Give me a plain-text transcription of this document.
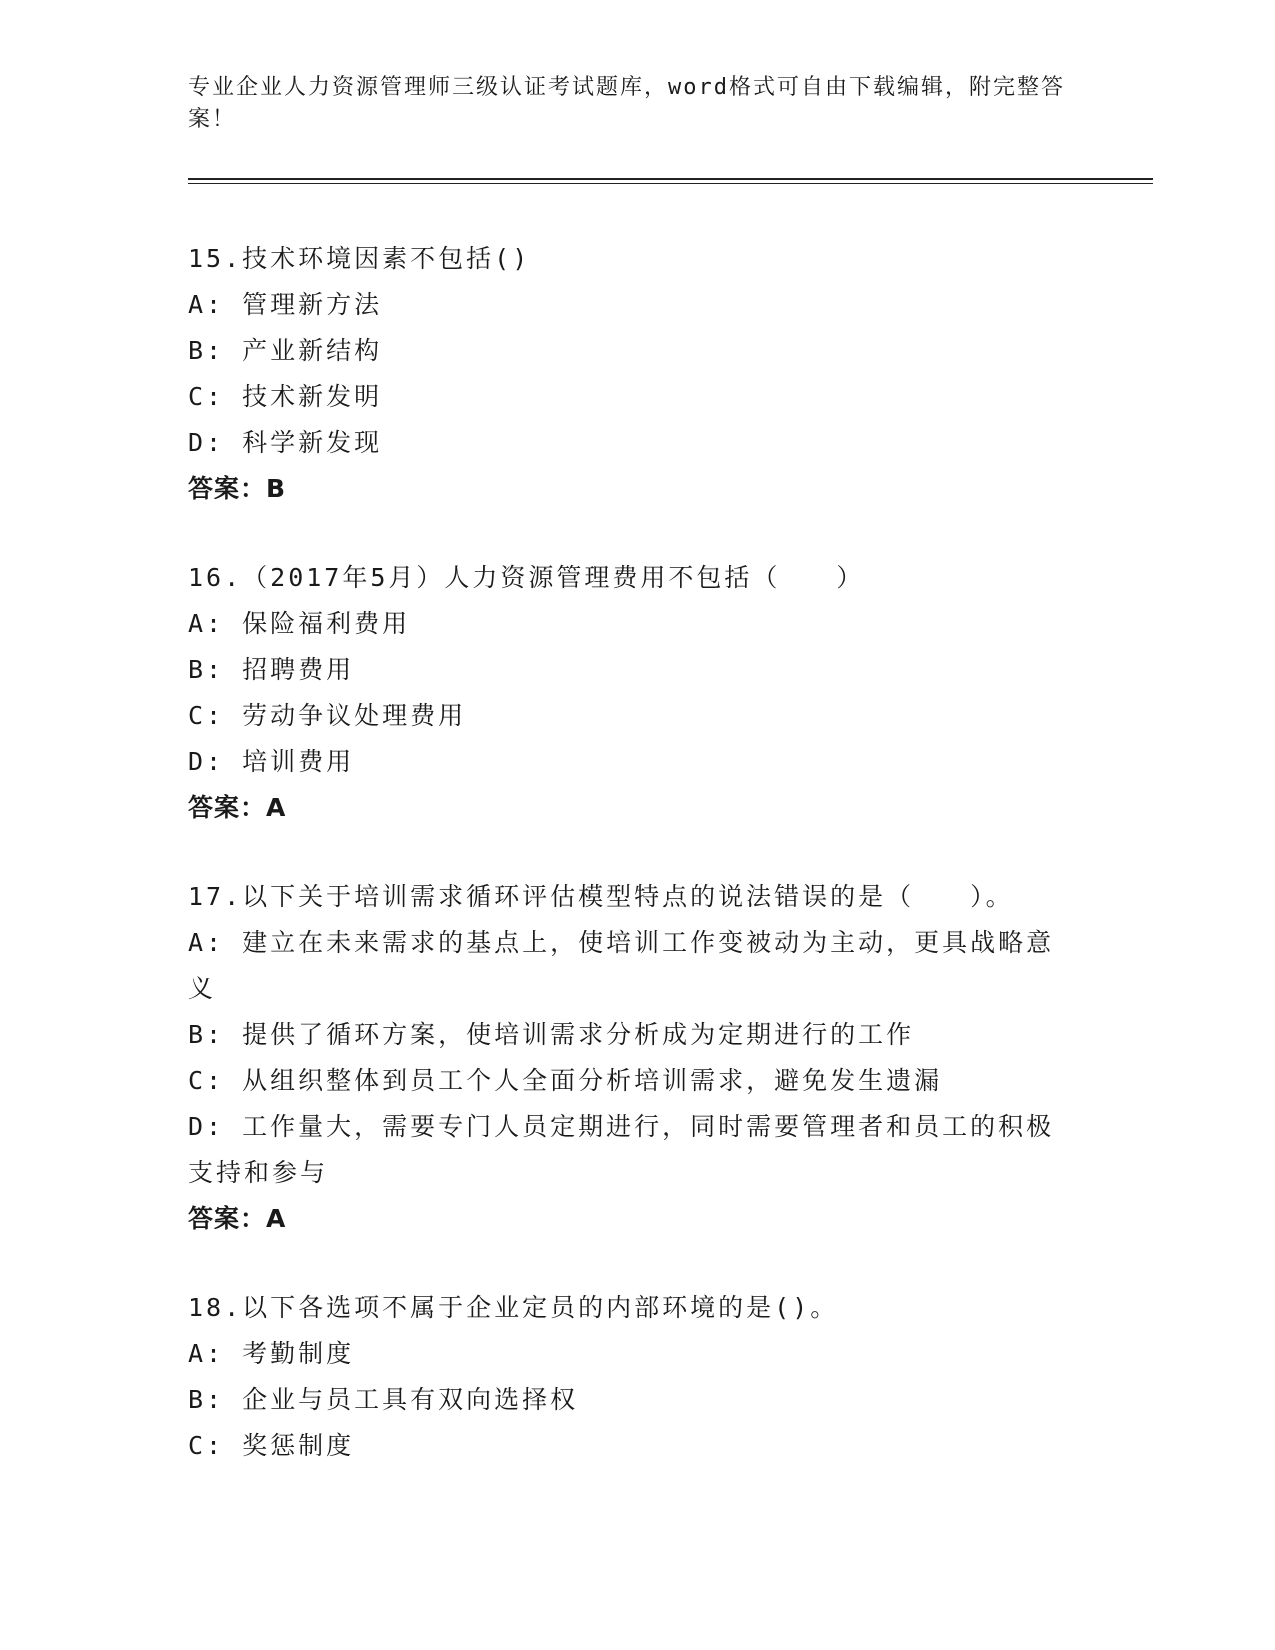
专业企业人力资源管理师三级认证考试题库，word格式可自由下载编辑，附完整答案！
15.技术环境因素不包括()
A: 管理新方法
B: 产业新结构
C: 技术新发明
D: 科学新发现
答案：B
16.（2017年5月）人力资源管理费用不包括（　　）
A: 保险福利费用
B: 招聘费用
C: 劳动争议处理费用
D: 培训费用
答案：A
17.以下关于培训需求循环评估模型特点的说法错误的是（　　）。
A: 建立在未来需求的基点上，使培训工作变被动为主动，更具战略意义
B: 提供了循环方案，使培训需求分析成为定期进行的工作
C: 从组织整体到员工个人全面分析培训需求，避免发生遗漏
D: 工作量大，需要专门人员定期进行，同时需要管理者和员工的积极支持和参与
答案：A
18.以下各选项不属于企业定员的内部环境的是()。
A: 考勤制度
B: 企业与员工具有双向选择权
C: 奖惩制度
